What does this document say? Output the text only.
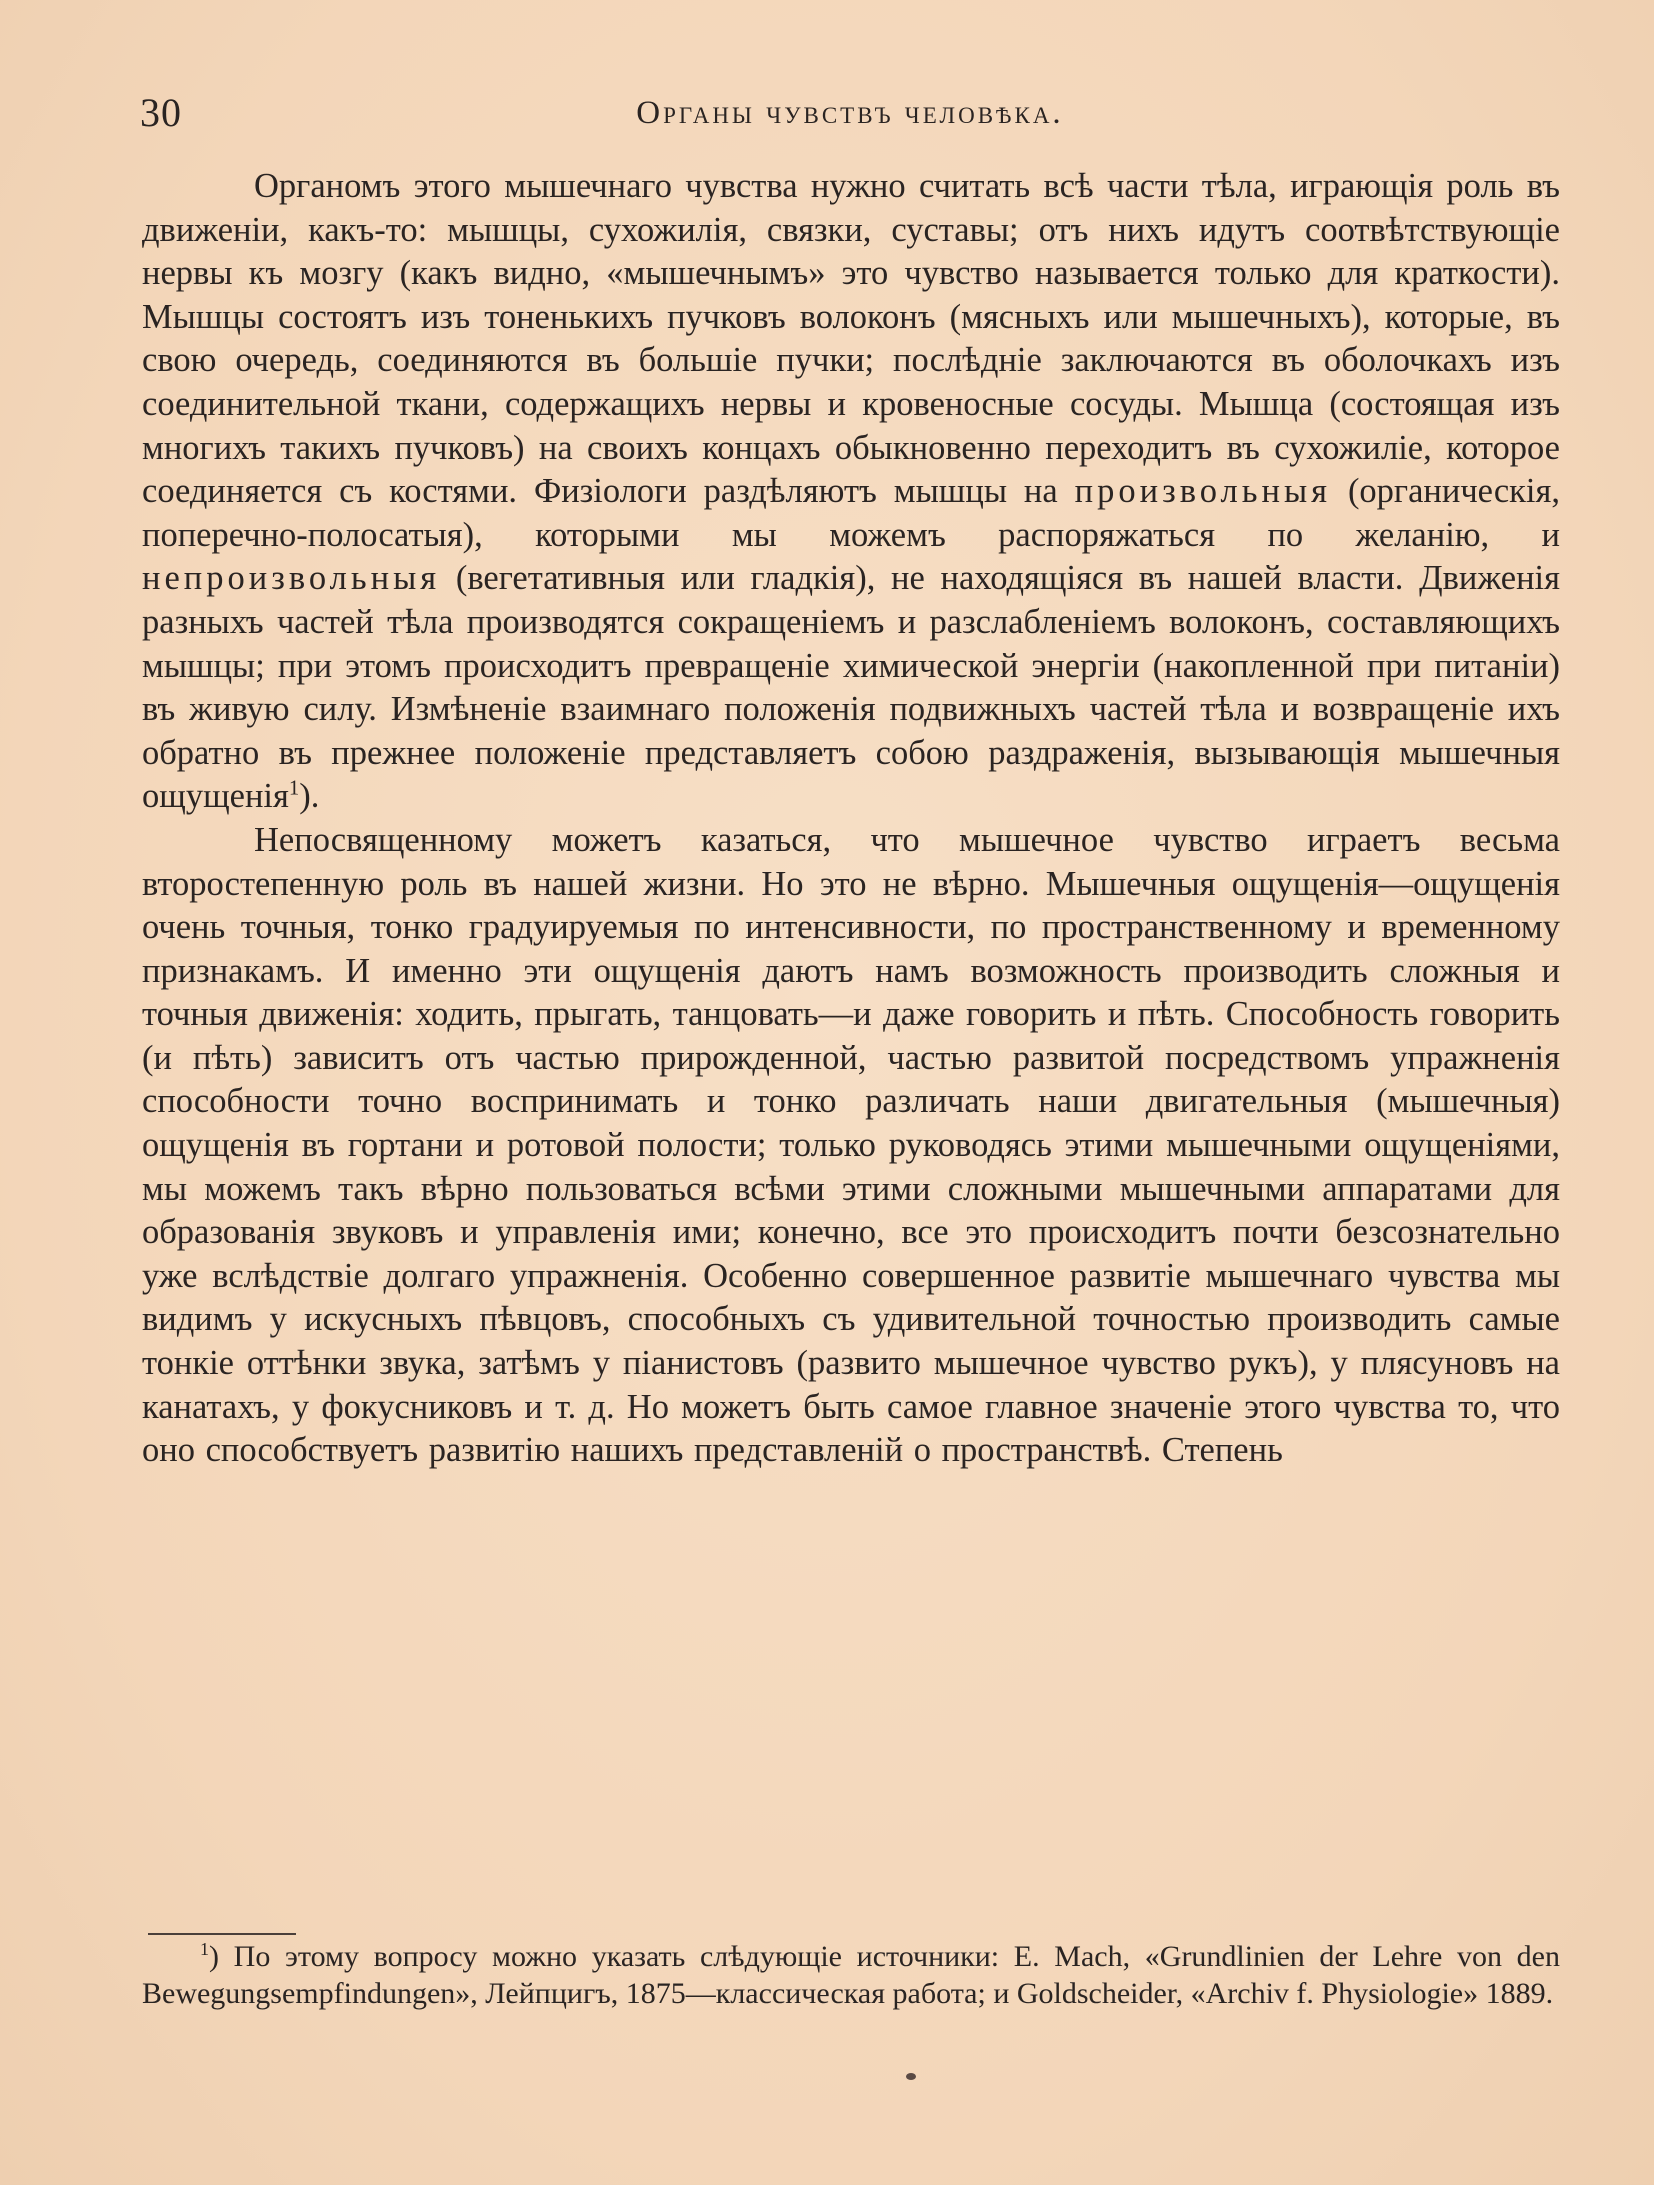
30	Органы чувствъ человѣка.

Органомъ этого мышечнаго чувства нужно считать всѣ части тѣла, играющія роль въ движеніи, какъ-то: мышцы, сухожилія, связки, суставы; отъ нихъ идутъ соотвѣтствующіе нервы къ мозгу (какъ видно, «мышечнымъ» это чувство называется только для краткости). Мышцы состоятъ изъ тоненькихъ пучковъ волоконъ (мясныхъ или мышечныхъ), которые, въ свою очередь, соединяются въ большіе пучки; послѣдніе заключаются въ оболочкахъ изъ соединительной ткани, содержащихъ нервы и кровеносные сосуды. Мышца (состоящая изъ многихъ такихъ пучковъ) на своихъ концахъ обыкновенно переходитъ въ сухожиліе, которое соединяется съ костями. Физіологи раздѣляютъ мышцы на произвольныя (органическія, поперечно-полосатыя), которыми мы можемъ распоряжаться по желанію, и непроизвольныя (вегетативныя или гладкія), не находящіяся въ нашей власти. Движенія разныхъ частей тѣла производятся сокращеніемъ и разслабленіемъ волоконъ, составляющихъ мышцы; при этомъ происходитъ превращеніе химической энергіи (накопленной при питаніи) въ живую силу. Измѣненіе взаимнаго положенія подвижныхъ частей тѣла и возвращеніе ихъ обратно въ прежнее положеніе представляетъ собою раздраженія, вызывающія мышечныя ощущенія$^1$).

Непосвященному можетъ казаться, что мышечное чувство играетъ весьма второстепенную роль въ нашей жизни. Но это не вѣрно. Мышечныя ощущенія—ощущенія очень точныя, тонко градуируемыя по интенсивности, по пространственному и временному признакамъ. И именно эти ощущенія даютъ намъ возможность производить сложныя и точныя движенія: ходить, прыгать, танцовать—и даже говорить и пѣть. Способность говорить (и пѣть) зависитъ отъ частью прирожденной, частью развитой посредствомъ упражненія способности точно воспринимать и тонко различать наши двигательныя (мышечныя) ощущенія въ гортани и ротовой полости; только руководясь этими мышечными ощущеніями, мы можемъ такъ вѣрно пользоваться всѣми этими сложными мышечными аппаратами для образованія звуковъ и управленія ими; конечно, все это происходитъ почти безсознательно уже вслѣдствіе долгаго упражненія. Особенно совершенное развитіе мышечнаго чувства мы видимъ у искусныхъ пѣвцовъ, способныхъ съ удивительной точностью производить самые тонкіе оттѣнки звука, затѣмъ у піанистовъ (развито мышечное чувство рукъ), у плясуновъ на канатахъ, у фокусниковъ и т. д. Но можетъ быть самое главное значеніе этого чувства то, что оно способствуетъ развитію нашихъ представленій о пространствѣ. Степень

$^1$) По этому вопросу можно указать слѣдующіе источники: E. Mach, «Grundlinien der Lehre von den Bewegungsempfindungen», Лейпцигъ, 1875—классическая работа; и Goldscheider, «Archiv f. Physiologie» 1889.
